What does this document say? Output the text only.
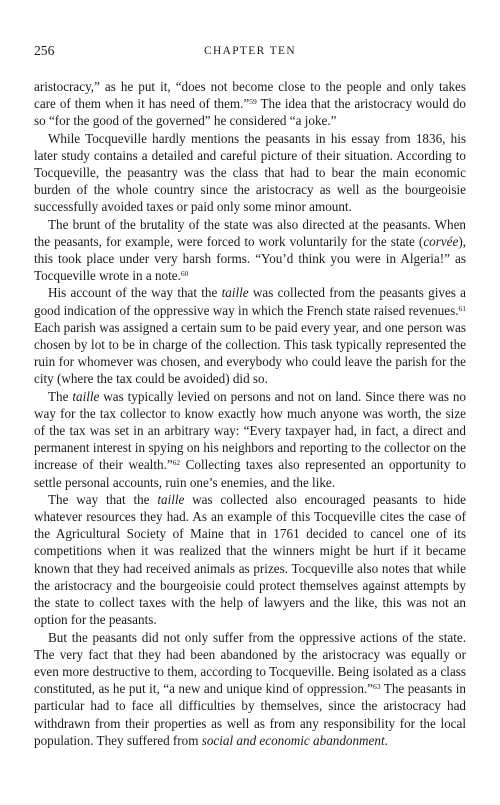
256	CHAPTER TEN

aristocracy,” as he put it, “does not become close to the people and only takes care of them when it has need of them.”$^{59}$ The idea that the aristocracy would do so “for the good of the governed” he considered “a joke.”

While Tocqueville hardly mentions the peasants in his essay from 1836, his later study contains a detailed and careful picture of their situation. According to Tocqueville, the peasantry was the class that had to bear the main economic burden of the whole country since the aristocracy as well as the bourgeoisie successfully avoided taxes or paid only some minor amount.

The brunt of the brutality of the state was also directed at the peasants. When the peasants, for example, were forced to work voluntarily for the state (corvée), this took place under very harsh forms. “You’d think you were in Algeria!” as Tocqueville wrote in a note.$^{60}$

His account of the way that the taille was collected from the peasants gives a good indication of the oppressive way in which the French state raised revenues.$^{61}$ Each parish was assigned a certain sum to be paid every year, and one person was chosen by lot to be in charge of the collection. This task typically represented the ruin for whomever was chosen, and everybody who could leave the parish for the city (where the tax could be avoided) did so.

The taille was typically levied on persons and not on land. Since there was no way for the tax collector to know exactly how much anyone was worth, the size of the tax was set in an arbitrary way: “Every taxpayer had, in fact, a direct and permanent interest in spying on his neighbors and reporting to the collector on the increase of their wealth.”$^{62}$ Collecting taxes also represented an opportunity to settle personal accounts, ruin one’s enemies, and the like.

The way that the taille was collected also encouraged peasants to hide whatever resources they had. As an example of this Tocqueville cites the case of the Agricultural Society of Maine that in 1761 decided to cancel one of its competitions when it was realized that the winners might be hurt if it became known that they had received animals as prizes. Tocqueville also notes that while the aristocracy and the bourgeoisie could protect themselves against attempts by the state to collect taxes with the help of lawyers and the like, this was not an option for the peasants.

But the peasants did not only suffer from the oppressive actions of the state. The very fact that they had been abandoned by the aristocracy was equally or even more destructive to them, according to Tocqueville. Being isolated as a class constituted, as he put it, “a new and unique kind of oppression.”$^{63}$ The peasants in particular had to face all difficulties by themselves, since the aristocracy had withdrawn from their properties as well as from any responsibility for the local population. They suffered from social and economic abandonment.
